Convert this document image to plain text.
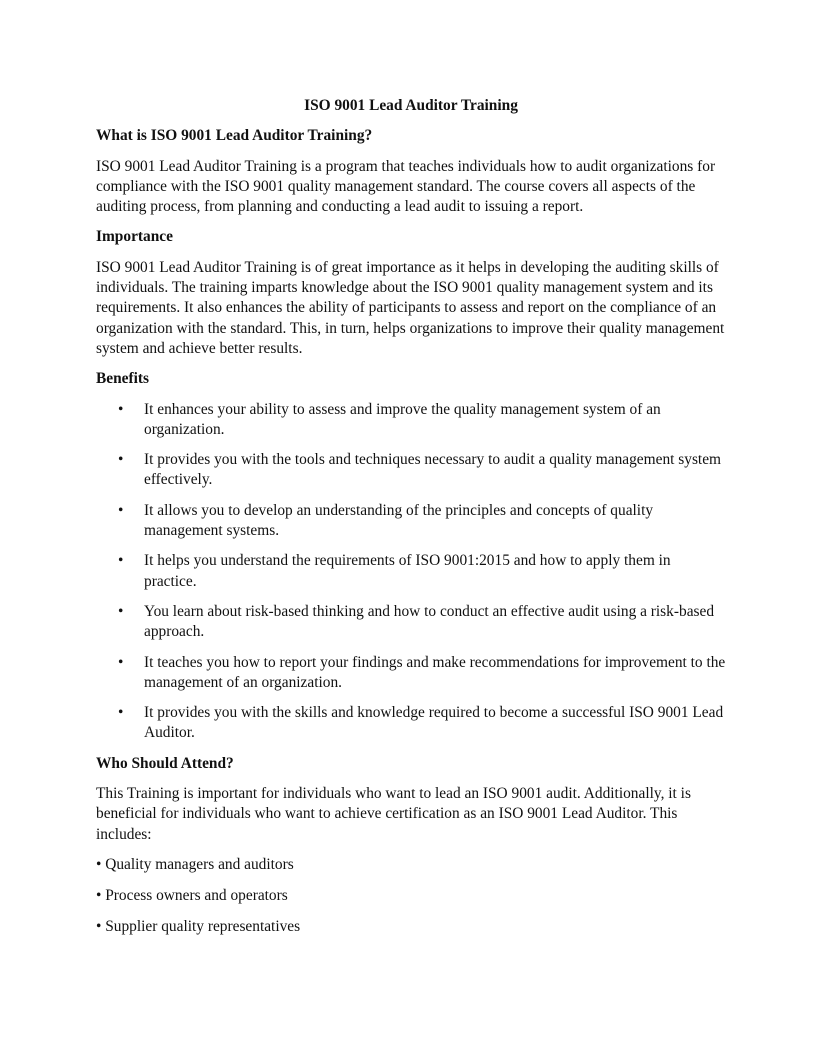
ISO 9001 Lead Auditor Training
What is ISO 9001 Lead Auditor Training?
ISO 9001 Lead Auditor Training is a program that teaches individuals how to audit organizations for compliance with the ISO 9001 quality management standard. The course covers all aspects of the auditing process, from planning and conducting a lead audit to issuing a report.
Importance
ISO 9001 Lead Auditor Training is of great importance as it helps in developing the auditing skills of individuals. The training imparts knowledge about the ISO 9001 quality management system and its requirements. It also enhances the ability of participants to assess and report on the compliance of an organization with the standard. This, in turn, helps organizations to improve their quality management system and achieve better results.
Benefits
• It enhances your ability to assess and improve the quality management system of an organization.
• It provides you with the tools and techniques necessary to audit a quality management system effectively.
• It allows you to develop an understanding of the principles and concepts of quality management systems.
• It helps you understand the requirements of ISO 9001:2015 and how to apply them in practice.
• You learn about risk-based thinking and how to conduct an effective audit using a risk-based approach.
• It teaches you how to report your findings and make recommendations for improvement to the management of an organization.
• It provides you with the skills and knowledge required to become a successful ISO 9001 Lead Auditor.
Who Should Attend?
This Training is important for individuals who want to lead an ISO 9001 audit. Additionally, it is beneficial for individuals who want to achieve certification as an ISO 9001 Lead Auditor. This includes:
• Quality managers and auditors
• Process owners and operators
• Supplier quality representatives
